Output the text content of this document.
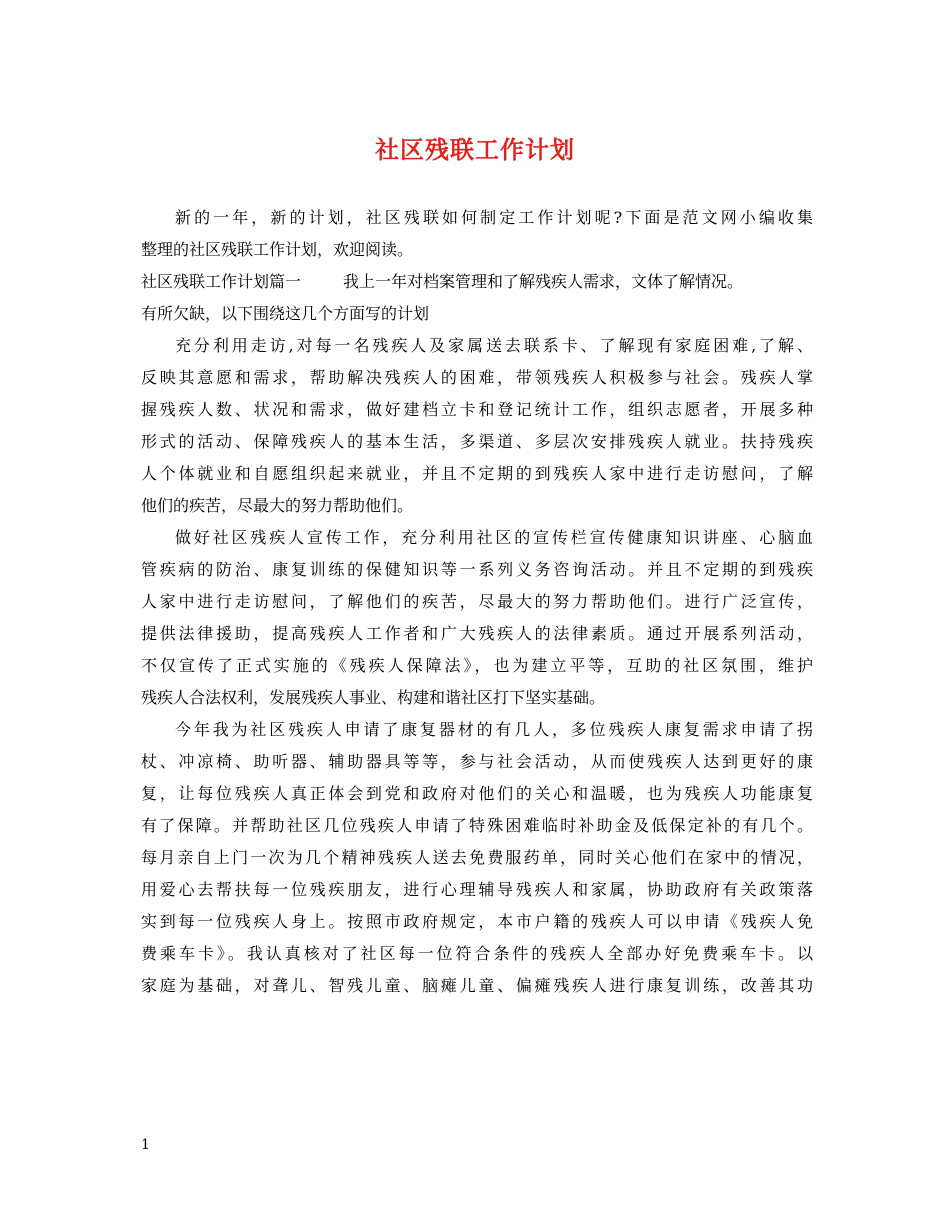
社区残联工作计划
新的一年，新的计划，社区残联如何制定工作计划呢?下面是范文网小编收集
整理的社区残联工作计划，欢迎阅读。
社区残联工作计划篇一	我上一年对档案管理和了解残疾人需求，文体了解情况。
有所欠缺，以下围绕这几个方面写的计划
充分利用走访,对每一名残疾人及家属送去联系卡、了解现有家庭困难,了解、
反映其意愿和需求，帮助解决残疾人的困难，带领残疾人积极参与社会。残疾人掌
握残疾人数、状况和需求，做好建档立卡和登记统计工作，组织志愿者，开展多种
形式的活动、保障残疾人的基本生活，多渠道、多层次安排残疾人就业。扶持残疾
人个体就业和自愿组织起来就业，并且不定期的到残疾人家中进行走访慰问，了解
他们的疾苦，尽最大的努力帮助他们。
做好社区残疾人宣传工作，充分利用社区的宣传栏宣传健康知识讲座、心脑血
管疾病的防治、康复训练的保健知识等一系列义务咨询活动。并且不定期的到残疾
人家中进行走访慰问，了解他们的疾苦，尽最大的努力帮助他们。进行广泛宣传，
提供法律援助，提高残疾人工作者和广大残疾人的法律素质。通过开展系列活动，
不仅宣传了正式实施的《残疾人保障法》，也为建立平等，互助的社区氛围，维护
残疾人合法权利，发展残疾人事业、构建和谐社区打下坚实基础。
今年我为社区残疾人申请了康复器材的有几人，多位残疾人康复需求申请了拐
杖、冲凉椅、助听器、辅助器具等等，参与社会活动，从而使残疾人达到更好的康
复，让每位残疾人真正体会到党和政府对他们的关心和温暖，也为残疾人功能康复
有了保障。并帮助社区几位残疾人申请了特殊困难临时补助金及低保定补的有几个。
每月亲自上门一次为几个精神残疾人送去免费服药单，同时关心他们在家中的情况，
用爱心去帮扶每一位残疾朋友，进行心理辅导残疾人和家属，协助政府有关政策落
实到每一位残疾人身上。按照市政府规定，本市户籍的残疾人可以申请《残疾人免
费乘车卡》。我认真核对了社区每一位符合条件的残疾人全部办好免费乘车卡。以
家庭为基础，对聋儿、智残儿童、脑瘫儿童、偏瘫残疾人进行康复训练，改善其功
1
